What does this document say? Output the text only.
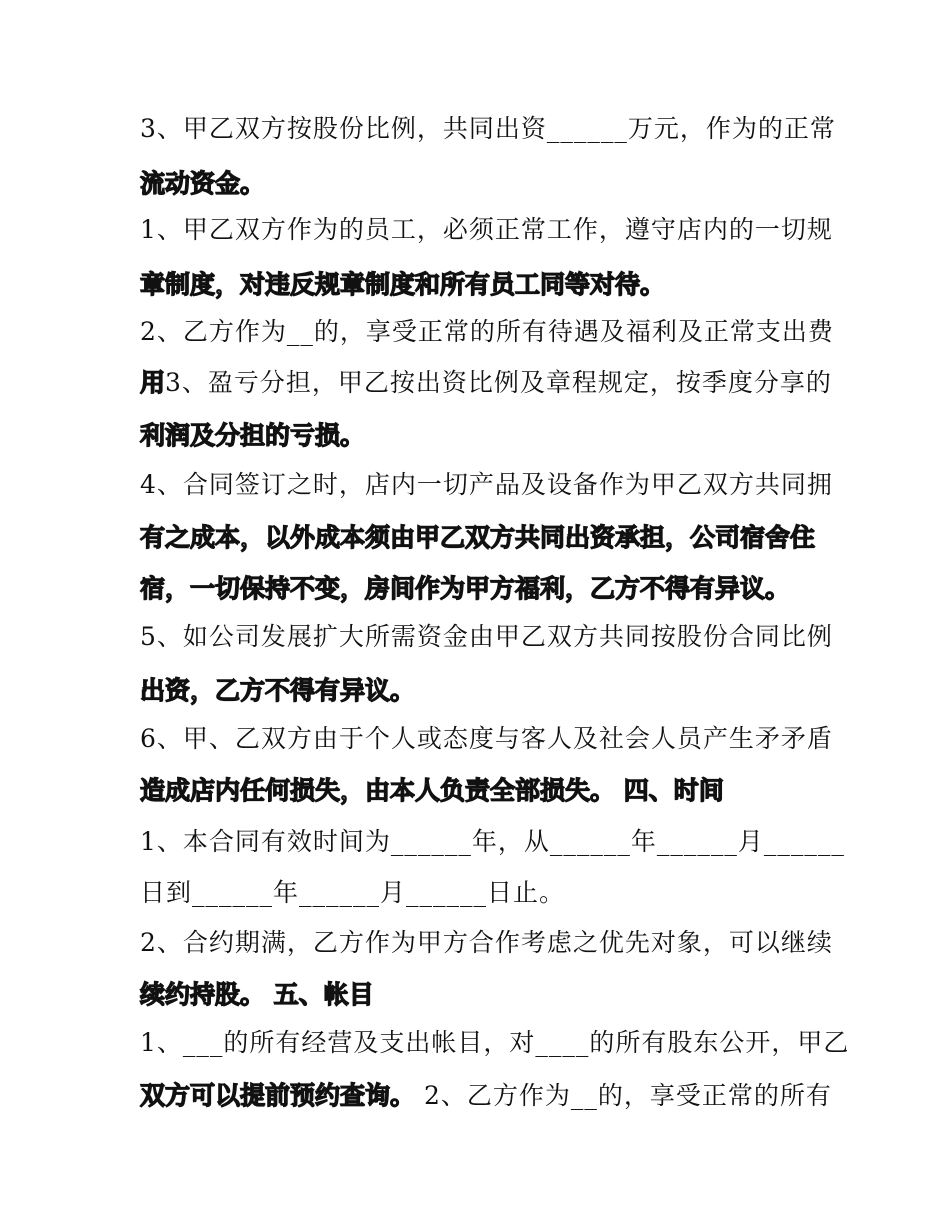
3、甲乙双方按股份比例，共同出资______万元，作为的正常
流动资金。
1、甲乙双方作为的员工，必须正常工作，遵守店内的一切规
章制度，对违反规章制度和所有员工同等对待。
2、乙方作为__的，享受正常的所有待遇及福利及正常支出费
用3、盈亏分担，甲乙按出资比例及章程规定，按季度分享的
利润及分担的亏损。
4、合同签订之时，店内一切产品及设备作为甲乙双方共同拥
有之成本，以外成本须由甲乙双方共同出资承担，公司宿舍住
宿，一切保持不变，房间作为甲方福利，乙方不得有异议。
5、如公司发展扩大所需资金由甲乙双方共同按股份合同比例
出资，乙方不得有异议。
6、甲、乙双方由于个人或态度与客人及社会人员产生矛矛盾
造成店内任何损失，由本人负责全部损失。 四、时间
1、本合同有效时间为______年，从______年______月______
日到______年______月______日止。
2、合约期满，乙方作为甲方合作考虑之优先对象，可以继续
续约持股。 五、帐目
1、___的所有经营及支出帐目，对____的所有股东公开，甲乙
双方可以提前预约查询。 2、乙方作为__的，享受正常的所有
